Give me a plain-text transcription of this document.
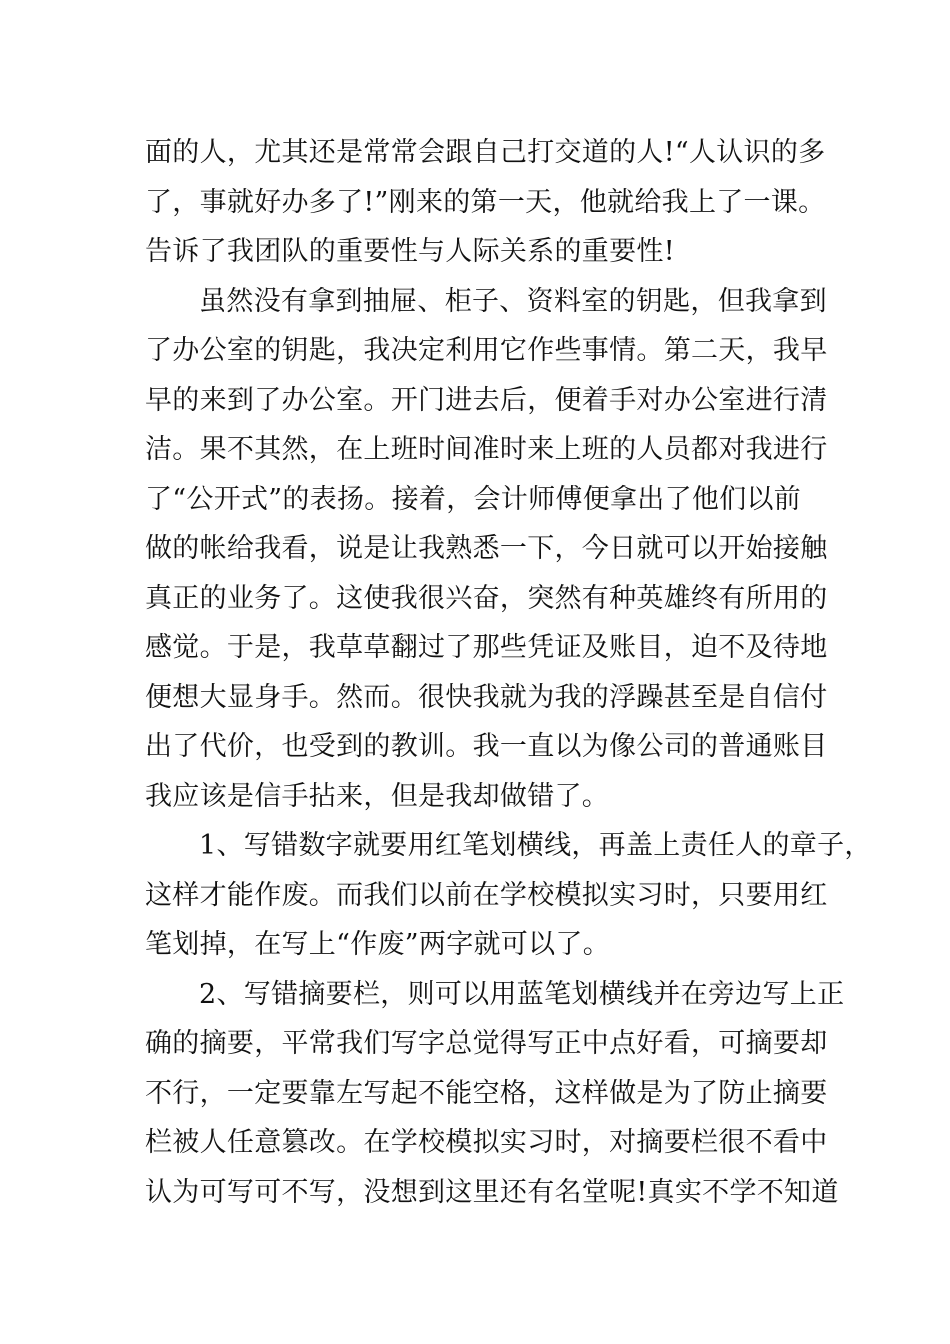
面的人，尤其还是常常会跟自己打交道的人!“人认识的多
了，事就好办多了!”刚来的第一天，他就给我上了一课。
告诉了我团队的重要性与人际关系的重要性!

虽然没有拿到抽屉、柜子、资料室的钥匙，但我拿到
了办公室的钥匙，我决定利用它作些事情。第二天，我早
早的来到了办公室。开门进去后，便着手对办公室进行清
洁。果不其然，在上班时间准时来上班的人员都对我进行
了“公开式”的表扬。接着，会计师傅便拿出了他们以前
做的帐给我看，说是让我熟悉一下，今日就可以开始接触
真正的业务了。这使我很兴奋，突然有种英雄终有所用的
感觉。于是，我草草翻过了那些凭证及账目，迫不及待地
便想大显身手。然而。很快我就为我的浮躁甚至是自信付
出了代价，也受到的教训。我一直以为像公司的普通账目
我应该是信手拈来，但是我却做错了。

1、写错数字就要用红笔划横线，再盖上责任人的章子，
这样才能作废。而我们以前在学校模拟实习时，只要用红
笔划掉，在写上“作废”两字就可以了。

2、写错摘要栏，则可以用蓝笔划横线并在旁边写上正
确的摘要，平常我们写字总觉得写正中点好看，可摘要却
不行，一定要靠左写起不能空格，这样做是为了防止摘要
栏被人任意篡改。在学校模拟实习时，对摘要栏很不看中
认为可写可不写，没想到这里还有名堂呢!真实不学不知道
